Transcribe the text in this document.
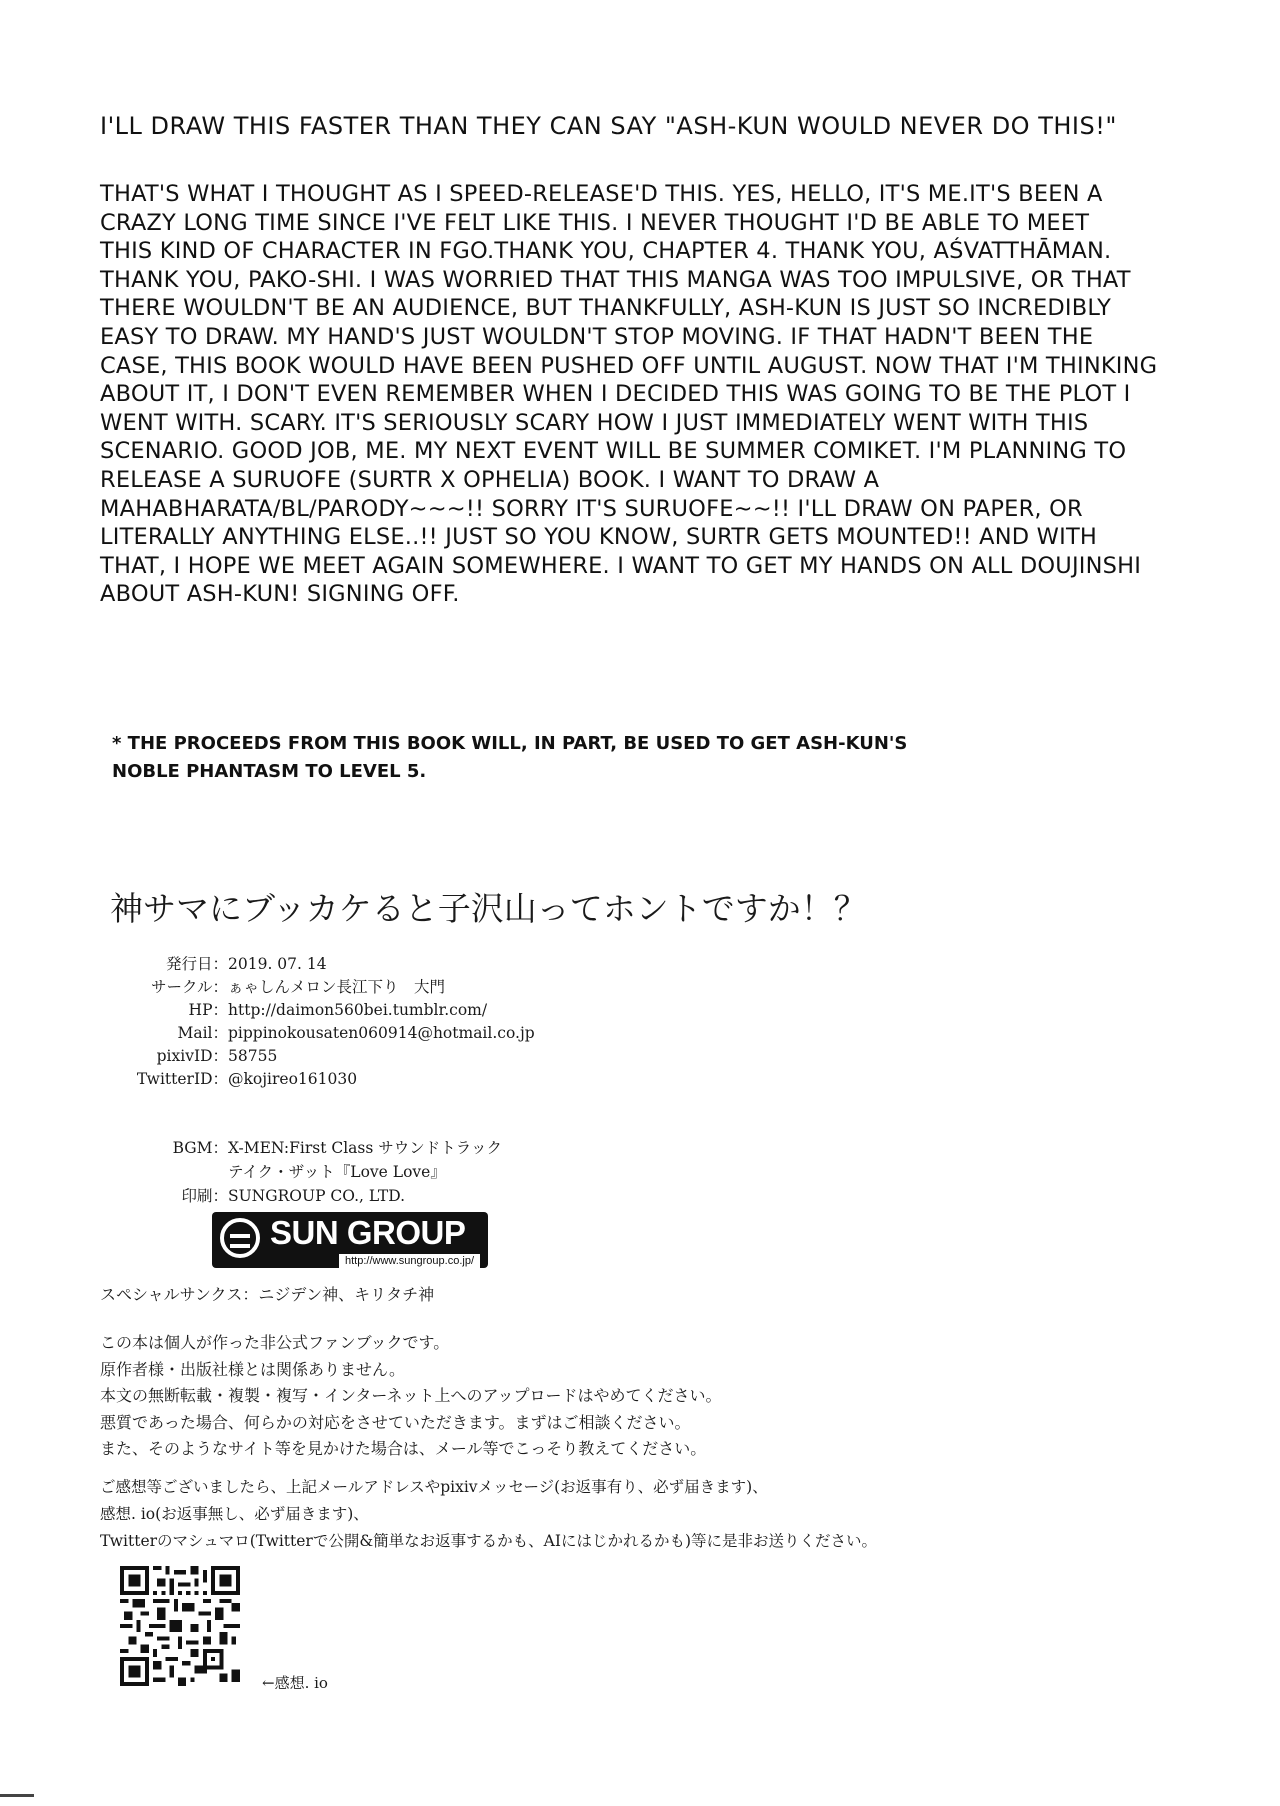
I'LL DRAW THIS FASTER THAN THEY CAN SAY "ASH-KUN WOULD NEVER DO THIS!"
THAT'S WHAT I THOUGHT AS I SPEED-RELEASE'D THIS. YES, HELLO, IT'S ME.IT'S BEEN A
CRAZY LONG TIME SINCE I'VE FELT LIKE THIS. I NEVER THOUGHT I'D BE ABLE TO MEET
THIS KIND OF CHARACTER IN FGO.THANK YOU, CHAPTER 4. THANK YOU, AŚVATTHĀMAN.
THANK YOU, PAKO-SHI. I WAS WORRIED THAT THIS MANGA WAS TOO IMPULSIVE, OR THAT
THERE WOULDN'T BE AN AUDIENCE, BUT THANKFULLY, ASH-KUN IS JUST SO INCREDIBLY
EASY TO DRAW. MY HAND'S JUST WOULDN'T STOP MOVING. IF THAT HADN'T BEEN THE
CASE, THIS BOOK WOULD HAVE BEEN PUSHED OFF UNTIL AUGUST. NOW THAT I'M THINKING
ABOUT IT, I DON'T EVEN REMEMBER WHEN I DECIDED THIS WAS GOING TO BE THE PLOT I
WENT WITH. SCARY. IT'S SERIOUSLY SCARY HOW I JUST IMMEDIATELY WENT WITH THIS
SCENARIO. GOOD JOB, ME. MY NEXT EVENT WILL BE SUMMER COMIKET. I'M PLANNING TO
RELEASE A SURUOFE (SURTR X OPHELIA) BOOK. I WANT TO DRAW A
MAHABHARATA/BL/PARODY~~~!! SORRY IT'S SURUOFE~~!! I'LL DRAW ON PAPER, OR
LITERALLY ANYTHING ELSE..!! JUST SO YOU KNOW, SURTR GETS MOUNTED!! AND WITH
THAT, I HOPE WE MEET AGAIN SOMEWHERE. I WANT TO GET MY HANDS ON ALL DOUJINSHI
ABOUT ASH-KUN! SIGNING OFF.
* THE PROCEEDS FROM THIS BOOK WILL, IN PART, BE USED TO GET ASH-KUN'S
NOBLE PHANTASM TO LEVEL 5.
神サマにブッカケると子沢山ってホントですか！？
発行日：2019. 07. 14
サークル：ぁゃしんメロン長江下り　大門
HP：http://daimon560bei.tumblr.com/
Mail：pippinokousaten060914@hotmail.co.jp
pixivID：58755
TwitterID：@kojireo161030
BGM：X-MEN:First Class サウンドトラック
テイク・ザット『Love Love』
印刷：SUNGROUP CO., LTD.
SUN GROUP
http://www.sungroup.co.jp/
スペシャルサンクス：ニジデン神、キリタチ神
この本は個人が作った非公式ファンブックです。
原作者様・出版社様とは関係ありません。
本文の無断転載・複製・複写・インターネット上へのアップロードはやめてください。
悪質であった場合、何らかの対応をさせていただきます。まずはご相談ください。
また、そのようなサイト等を見かけた場合は、メール等でこっそり教えてください。
ご感想等ございましたら、上記メールアドレスやpixivメッセージ(お返事有り、必ず届きます)、
感想. io(お返事無し、必ず届きます)、
Twitterのマシュマロ(Twitterで公開&簡単なお返事するかも、AIにはじかれるかも)等に是非お送りください。
←感想. io
